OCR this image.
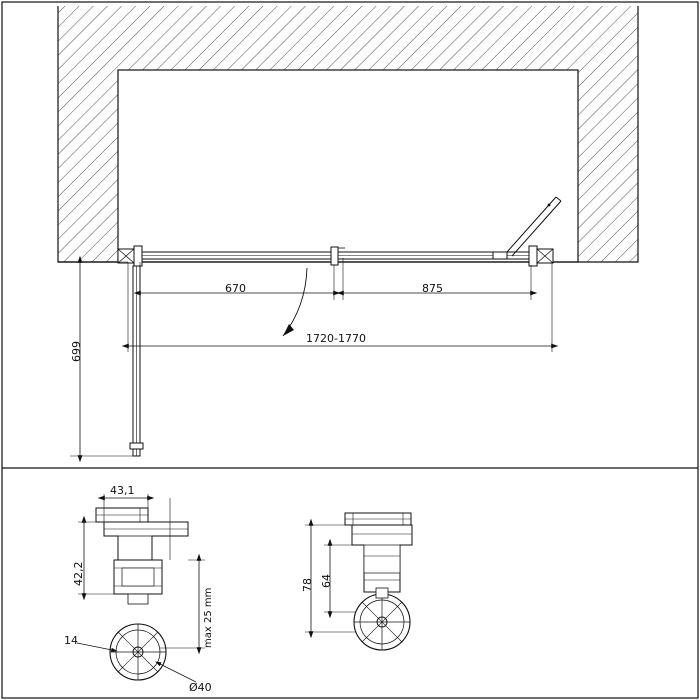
670	875
1720-1770
699
43,1
42,2
max 25 mm
14
Ø40
64
78
